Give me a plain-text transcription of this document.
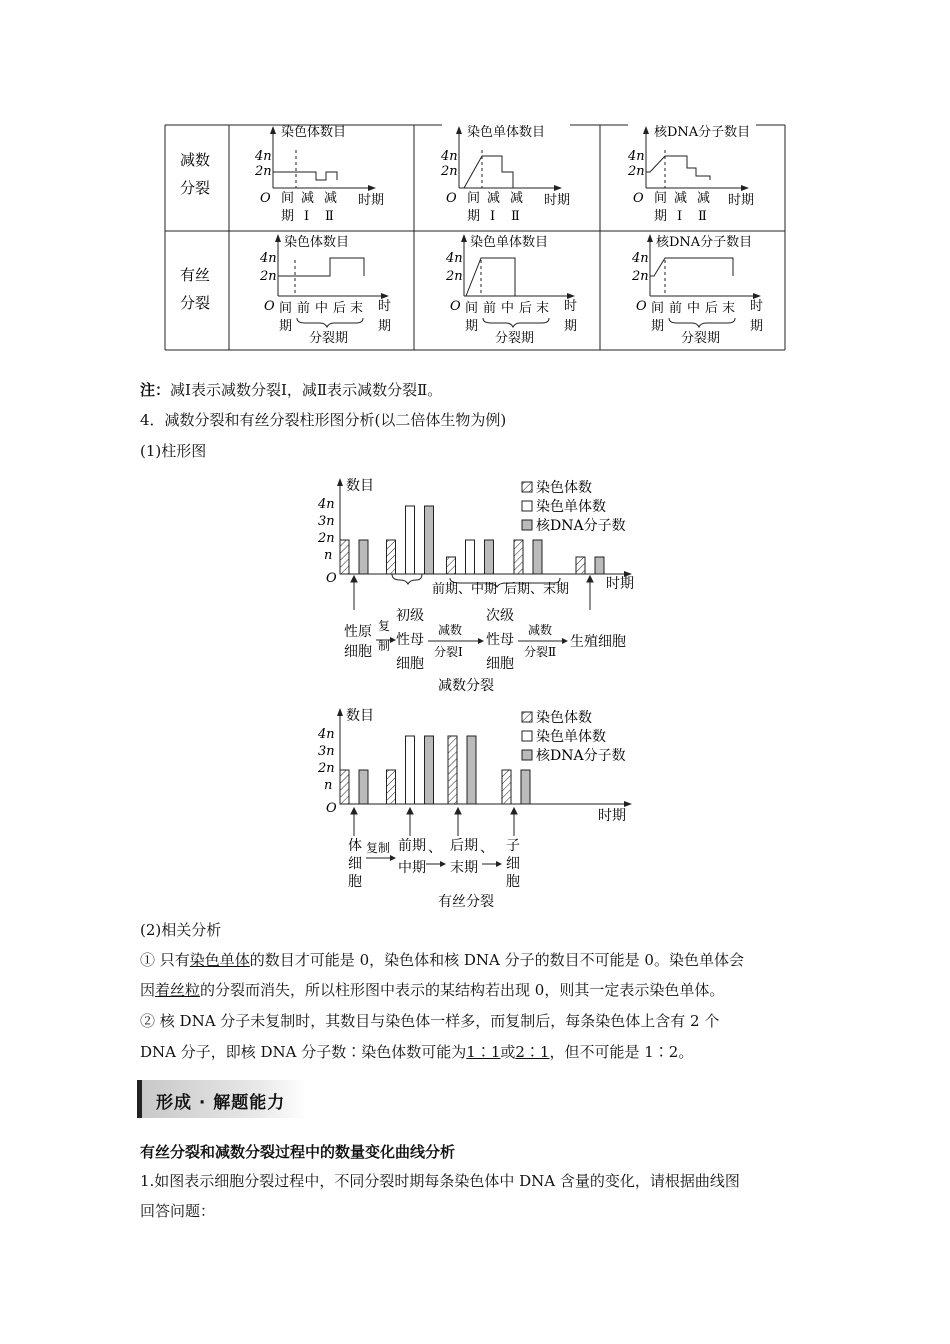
减数
分裂
有丝
分裂
染色体数目
4n
2n
O 间 减 减
期 Ⅰ Ⅱ
时期
染色单体数目
4n
2n
O 间 减 减
期 Ⅰ Ⅱ
时期
核DNA分子数目
4n
2n
O 间 减 减
期 Ⅰ Ⅱ
时期
染色体数目
4n
2n
O 间 前 中 后 末
期
分裂期
时
期
染色单体数目
4n
2n
O 间 前 中 后 末
期
分裂期
时
期
核DNA分子数目
4n
2n
O 间 前 中 后 末
期
分裂期
时
期
注：减Ⅰ表示减数分裂Ⅰ，减Ⅱ表示减数分裂Ⅱ。
4．减数分裂和有丝分裂柱形图分析(以二倍体生物为例)
(1)柱形图
数目
4n
3n
2n
n
O	时期
染色体数
染色单体数
核DNA分子数
前期、中期 后期、末期
性原
细胞
复
制
初级
性母
细胞
减数
分裂Ⅰ
次级
性母
细胞
减数
分裂Ⅱ
生殖细胞
减数分裂
数目
4n
3n
2n
n
O	时期
染色体数
染色单体数
核DNA分子数
体
细
胞
复制 前期 、
中期
后期 、
末期
子
细
胞
有丝分裂
(2)相关分析
① 只有染色单体的数目才可能是 0，染色体和核 DNA 分子的数目不可能是 0。染色单体会
因着丝粒的分裂而消失，所以柱形图中表示的某结构若出现 0，则其一定表示染色单体。
② 核 DNA 分子未复制时，其数目与染色体一样多，而复制后，每条染色体上含有 2 个
DNA 分子，即核 DNA 分子数∶染色体数可能为1∶1或2∶1，但不可能是 1∶2。
形成 · 解题能力
有丝分裂和减数分裂过程中的数量变化曲线分析
1.如图表示细胞分裂过程中，不同分裂时期每条染色体中 DNA 含量的变化，请根据曲线图
回答问题：
